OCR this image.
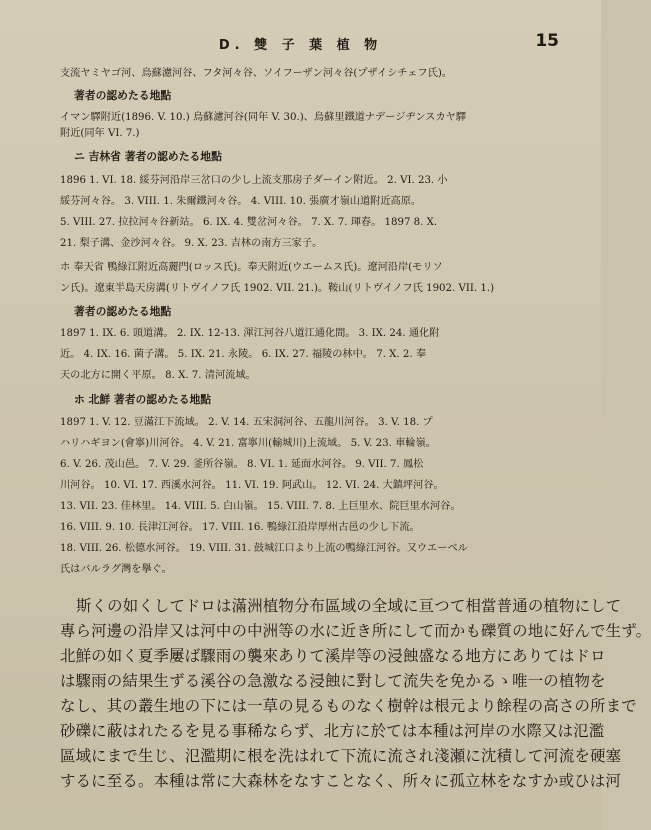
D. 雙 子 葉 植 物	15
支流ヤミヤゴ河、烏蘇濾河谷、フタ河々谷、ソイフーザン河々谷(プザイシチェフ氏)。
著者の認めたる地點
イマン驛附近(1896. V. 10.) 烏蘇濾河谷(同年 V. 30.)、烏蘇里鐵道ナデージヂンスカヤ驛
附近(同年 VI. 7.)
ニ 吉林省 著者の認めたる地點
1896 1. VI. 18. 綏芬河沿岸三岔口の少し上流支那房子ダーイン附近。 2. VI. 23. 小
綏芬河々谷。 3. VIII. 1. 朱爾鐵河々谷。 4. VIII. 10. 張廣才嶺山道附近高原。
5. VIII. 27. 拉拉河々谷新站。 6. IX. 4. 雙岔河々谷。 7. X. 7. 琿春。 1897 8. X.
21. 梨子溝、金沙河々谷。 9. X. 23. 吉林の南方三家子。
ホ 奉天省 鴨綠江附近高麗門(ロッス氏)。奉天附近(ウエームス氏)。遼河沿岸(モリソ
ン氏)。遼東半島天房溝(リトヴイノフ氏 1902. VII. 21.)。鞍山(リトヴイノフ氏 1902. VII. 1.)
著者の認めたる地點
1897 1. IX. 6. 頭道溝。 2. IX. 12-13. 渾江河谷八道江通化間。 3. IX. 24. 通化附
近。 4. IX. 16. 菌子溝。 5. IX. 21. 永陵。 6. IX. 27. 福陵の林中。 7. X. 2. 奉
天の北方に開く平原。 8. X. 7. 清河流域。
ホ 北鮮 著者の認めたる地點
1897 1. V. 12. 豆滿江下流域。 2. V. 14. 五宋洞河谷、五龍川河谷。 3. V. 18. プ
ハリハギヨン(會寧)川河谷。 4. V. 21. 富寧川(輸城川)上流域。 5. V. 23. 車輪嶺。
6. V. 26. 茂山邑。 7. V. 29. 釜所谷嶺。 8. VI. 1. 延面水河谷。 9. VII. 7. 鳳松
川河谷。 10. VI. 17. 西溪水河谷。 11. VI. 19. 阿武山。 12. VI. 24. 大鎮坪河谷。
13. VII. 23. 佳林里。 14. VIII. 5. 白山嶺。 15. VIII. 7. 8. 上巨里水、院巨里水河谷。
16. VIII. 9. 10. 長津江河谷。 17. VIII. 16. 鴨綠江沿岸厚州古邑の少し下流。
18. VIII. 26. 松德水河谷。 19. VIII. 31. 鼓城江口より上流の鴨綠江河谷。又ウエーベル
氏はバルラグ灣を擧ぐ。
斯くの如くしてドロは滿洲植物分布區域の全域に亘つて相當普通の植物にして
專ら河邊の沿岸又は河中の中洲等の水に近き所にして而かも礫質の地に好んで生ず。
北鮮の如く夏季屢ば驟雨の襲來ありて溪岸等の浸蝕盛なる地方にありてはドロ
は驟雨の結果生ずる溪谷の急激なる浸蝕に對して流失を免かるゝ唯一の植物を
なし、其の叢生地の下には一草の見るものなく樹幹は根元より餘程の高さの所まで
砂礫に蔽はれたるを見る事稀ならず、北方に於ては本種は河岸の水際又は氾濫
區域にまで生じ、氾濫期に根を洗はれて下流に流され淺瀬に沈積して河流を硬塞
するに至る。本種は常に大森林をなすことなく、所々に孤立林をなすか或ひは河
